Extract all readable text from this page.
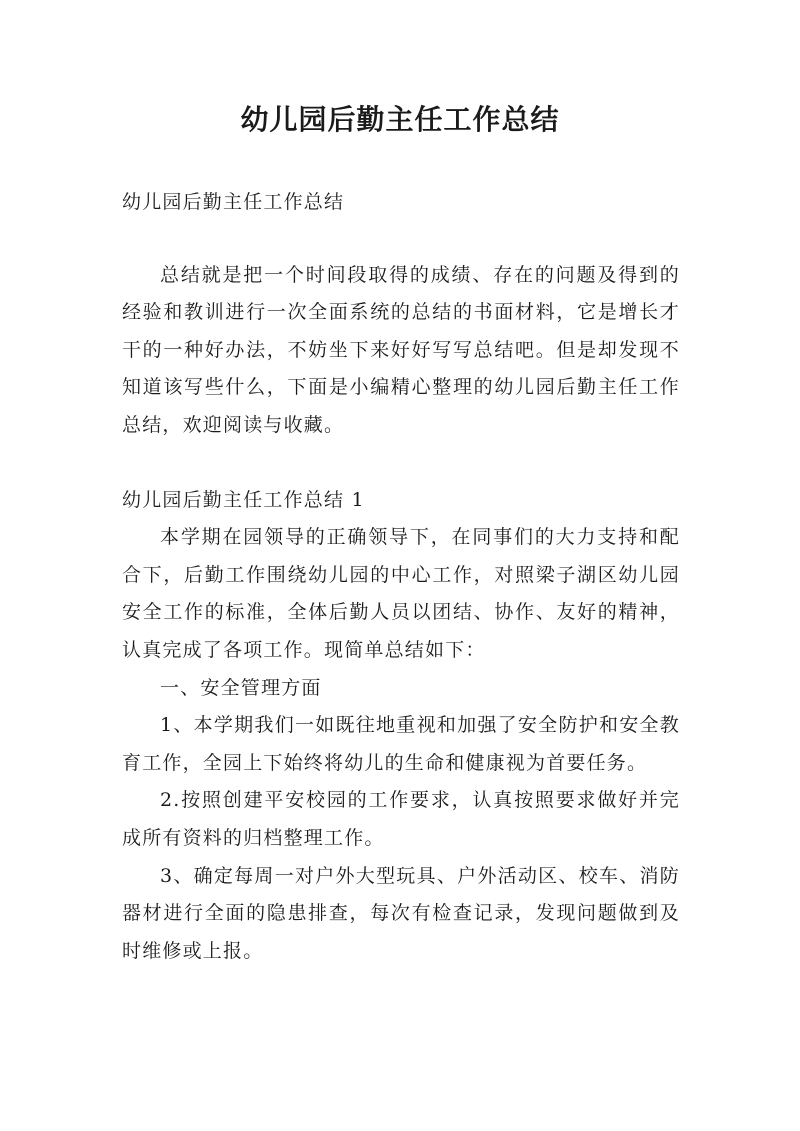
幼儿园后勤主任工作总结

幼儿园后勤主任工作总结

总结就是把一个时间段取得的成绩、存在的问题及得到的经验和教训进行一次全面系统的总结的书面材料，它是增长才干的一种好办法，不妨坐下来好好写写总结吧。但是却发现不知道该写些什么，下面是小编精心整理的幼儿园后勤主任工作总结，欢迎阅读与收藏。

幼儿园后勤主任工作总结 1

本学期在园领导的正确领导下，在同事们的大力支持和配合下，后勤工作围绕幼儿园的中心工作，对照梁子湖区幼儿园安全工作的标准，全体后勤人员以团结、协作、友好的精神，认真完成了各项工作。现简单总结如下：

一、安全管理方面

1、本学期我们一如既往地重视和加强了安全防护和安全教育工作，全园上下始终将幼儿的生命和健康视为首要任务。

2.按照创建平安校园的工作要求，认真按照要求做好并完成所有资料的归档整理工作。

3、确定每周一对户外大型玩具、户外活动区、校车、消防器材进行全面的隐患排查，每次有检查记录，发现问题做到及时维修或上报。
